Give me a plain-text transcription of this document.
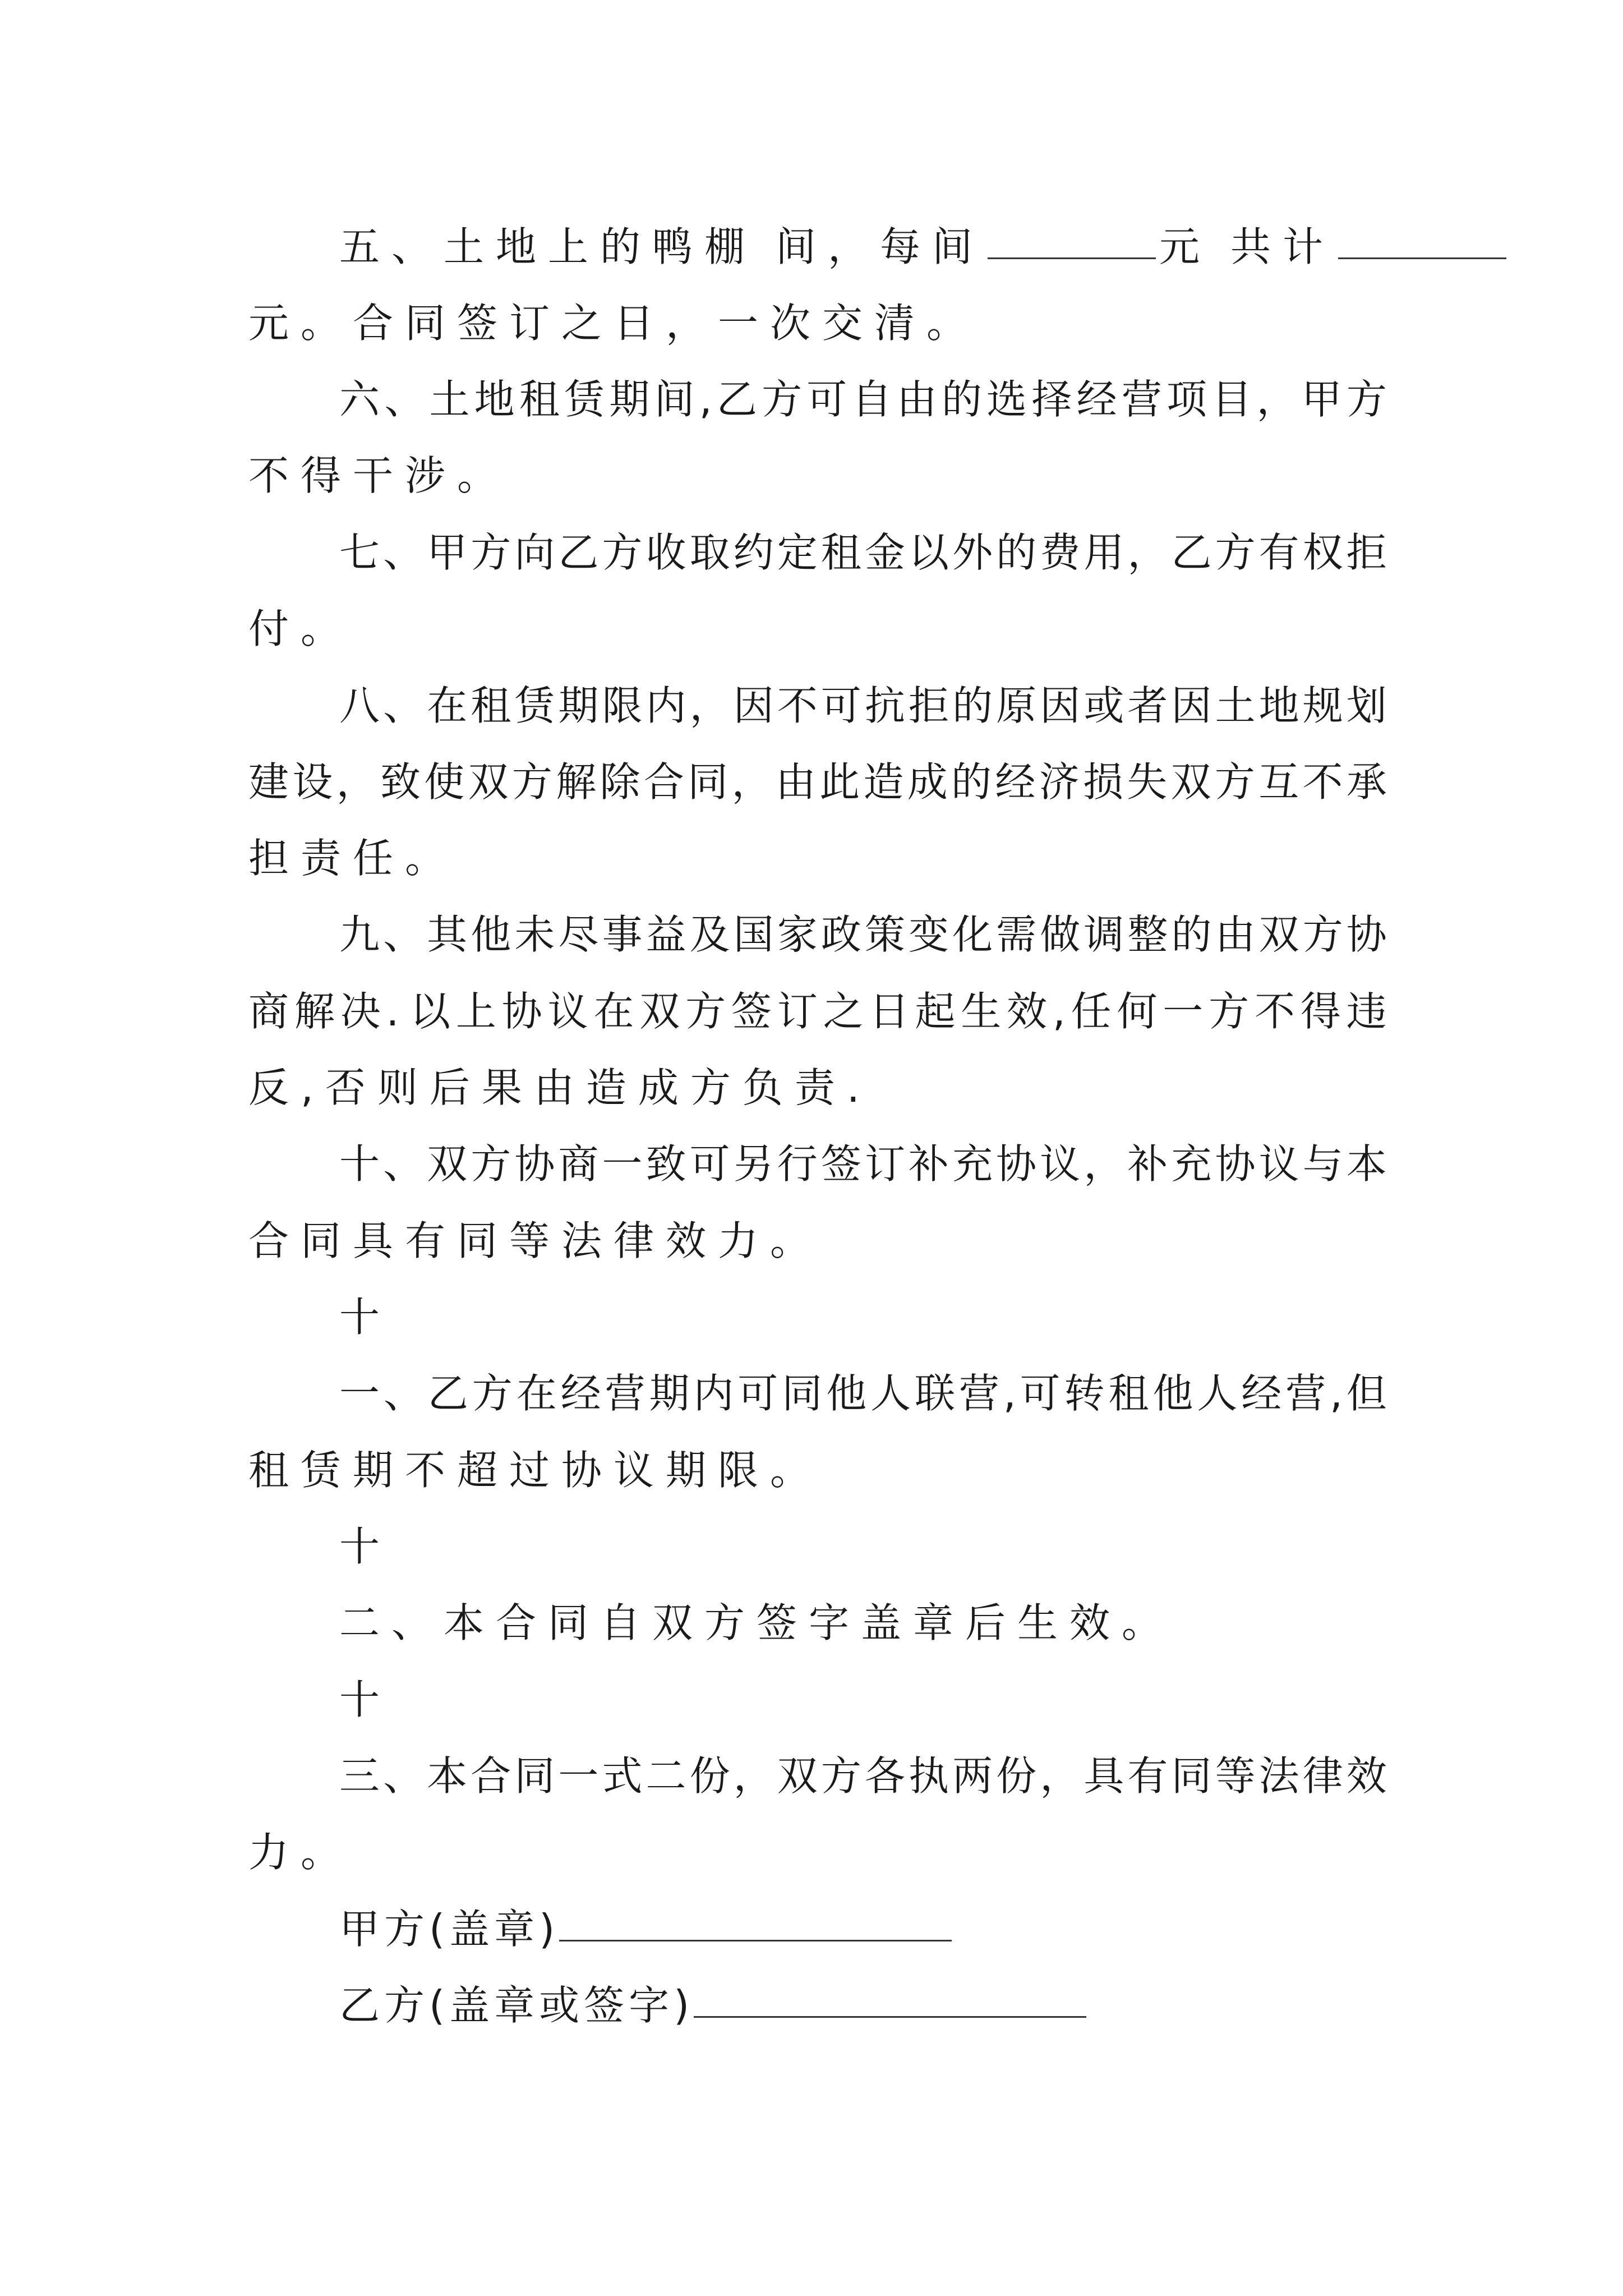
五、土地上的鸭棚 间，每间	元 共计
元。合同签订之日，一次交清。
六 、 土 地 租 赁 期 间 , 乙 方 可 自 由 的 选 择 经 营 项 目 ， 甲 方
不得干涉。
七 、 甲 方 向 乙 方 收 取 约 定 租 金 以 外 的 费 用 ， 乙 方 有 权 拒
付。
八 、 在 租 赁 期 限 内 ， 因 不 可 抗 拒 的 原 因 或 者 因 土 地 规 划
建 设 ， 致 使 双 方 解 除 合 同 ， 由 此 造 成 的 经 济 损 失 双 方 互 不 承
担责任。
九 、 其 他 未 尽 事 益 及 国 家 政 策 变 化 需 做 调 整 的 由 双 方 协
商 解 决 . 以 上 协 议 在 双 方 签 订 之 日 起 生 效 , 任 何 一 方 不 得 违
反,否则后果由造成方负责.
十 、 双 方 协 商 一 致 可 另 行 签 订 补 充 协 议 ， 补 充 协 议 与 本
合同具有同等法律效力。
十
一 、 乙 方 在 经 营 期 内 可 同 他 人 联 营 , 可 转 租 他 人 经 营 , 但
租赁期不超过协议期限。
十
二、本合同自双方签字盖章后生效。
十
三 、 本 合 同 一 式 二 份 ， 双 方 各 执 两 份 ， 具 有 同 等 法 律 效
力。
甲方(盖章)
乙方(盖章或签字)
